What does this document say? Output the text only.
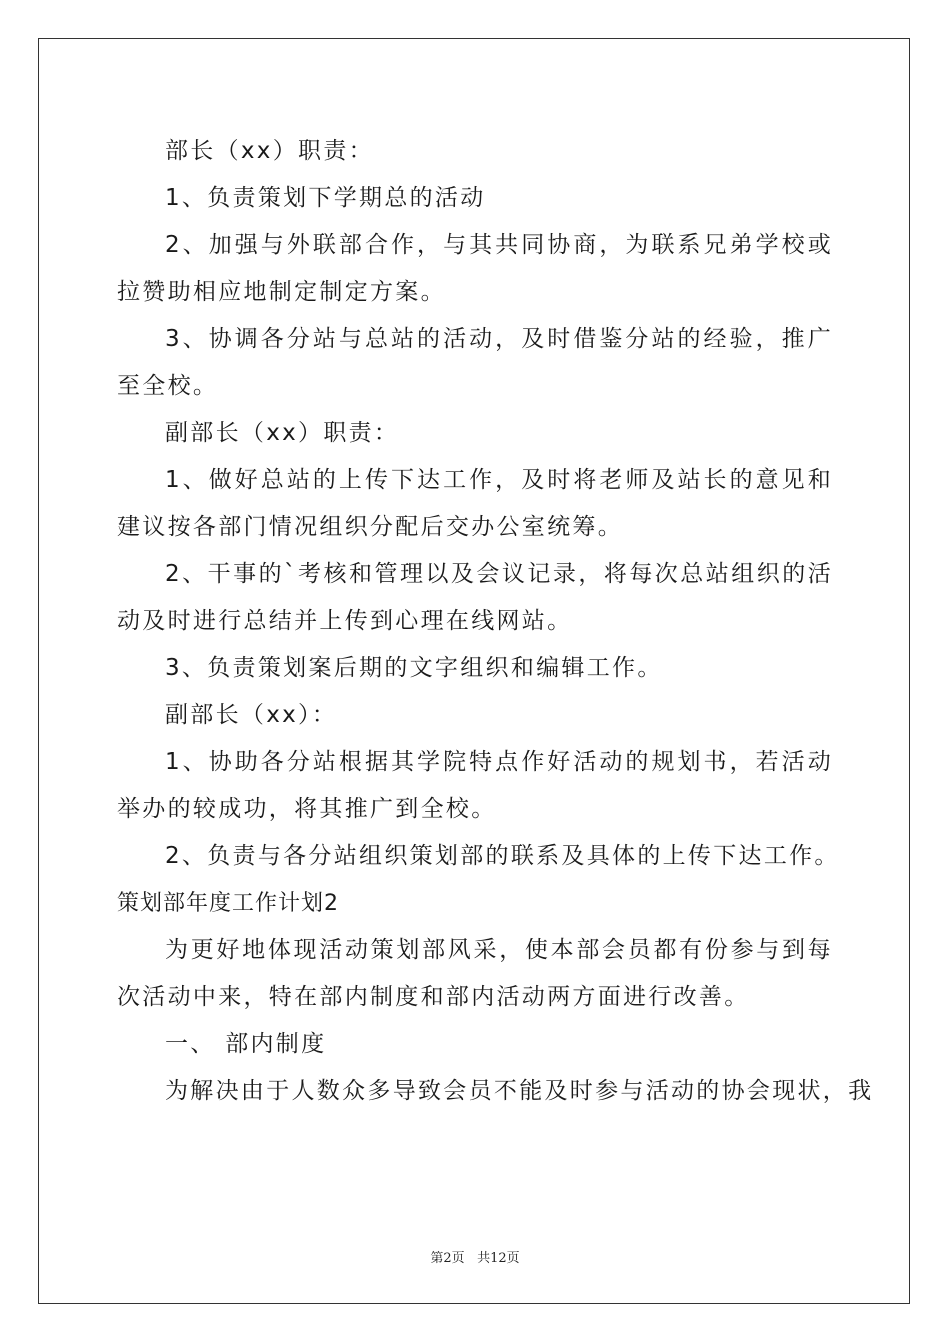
部长（xx）职责：

1、负责策划下学期总的活动

2、加强与外联部合作，与其共同协商，为联系兄弟学校或拉赞助相应地制定制定方案。

3、协调各分站与总站的活动，及时借鉴分站的经验，推广至全校。

副部长（xx）职责：

1、做好总站的上传下达工作，及时将老师及站长的意见和建议按各部门情况组织分配后交办公室统筹。

2、干事的`考核和管理以及会议记录，将每次总站组织的活动及时进行总结并上传到心理在线网站。

3、负责策划案后期的文字组织和编辑工作。

副部长（xx）：

1、协助各分站根据其学院特点作好活动的规划书，若活动举办的较成功，将其推广到全校。

2、负责与各分站组织策划部的联系及具体的上传下达工作。

策划部年度工作计划2

为更好地体现活动策划部风采，使本部会员都有份参与到每次活动中来，特在部内制度和部内活动两方面进行改善。

一、 部内制度

为解决由于人数众多导致会员不能及时参与活动的协会现状，我

第2页 共12页
